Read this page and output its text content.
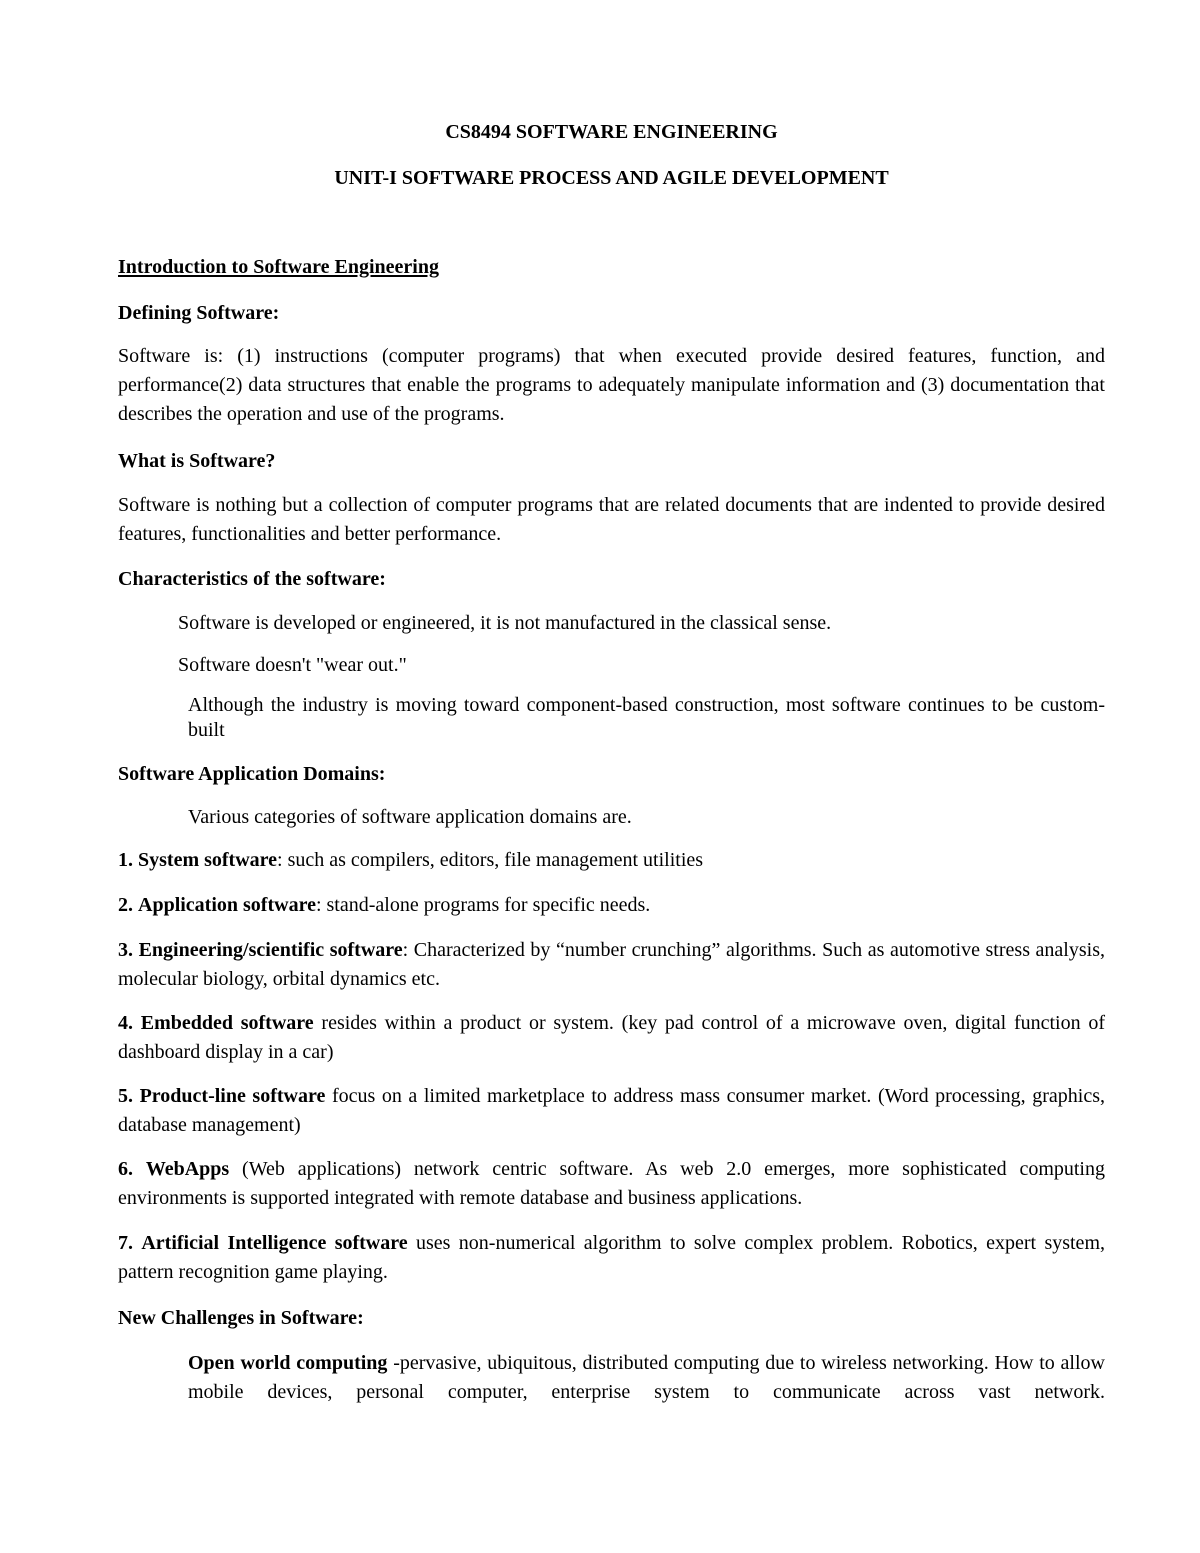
CS8494 SOFTWARE ENGINEERING
UNIT-I SOFTWARE PROCESS AND AGILE DEVELOPMENT
Introduction to Software Engineering
Defining Software:
Software is: (1) instructions (computer programs) that when executed provide desired features, function, and performance(2) data structures that enable the programs to adequately manipulate information and (3) documentation that describes the operation and use of the programs.
What is Software?
Software is nothing but a collection of computer programs that are related documents that are indented to provide desired features, functionalities and better performance.
Characteristics of the software:
Software is developed or engineered, it is not manufactured in the classical sense.
Software doesn't "wear out."
Although the industry is moving toward component-based construction, most software continues to be custom-built
Software Application Domains:
Various categories of software application domains are.
1. System software: such as compilers, editors, file management utilities
2. Application software: stand-alone programs for specific needs.
3. Engineering/scientific software: Characterized by “number crunching” algorithms. Such as automotive stress analysis, molecular biology, orbital dynamics etc.
4. Embedded software resides within a product or system. (key pad control of a microwave oven, digital function of dashboard display in a car)
5. Product-line software focus on a limited marketplace to address mass consumer market. (Word processing, graphics, database management)
6. WebApps (Web applications) network centric software. As web 2.0 emerges, more sophisticated computing environments is supported integrated with remote database and business applications.
7. Artificial Intelligence software uses non-numerical algorithm to solve complex problem. Robotics, expert system, pattern recognition game playing.
New Challenges in Software:
Open world computing -pervasive, ubiquitous, distributed computing due to wireless networking. How to allow mobile devices, personal computer, enterprise system to communicate across vast network.
